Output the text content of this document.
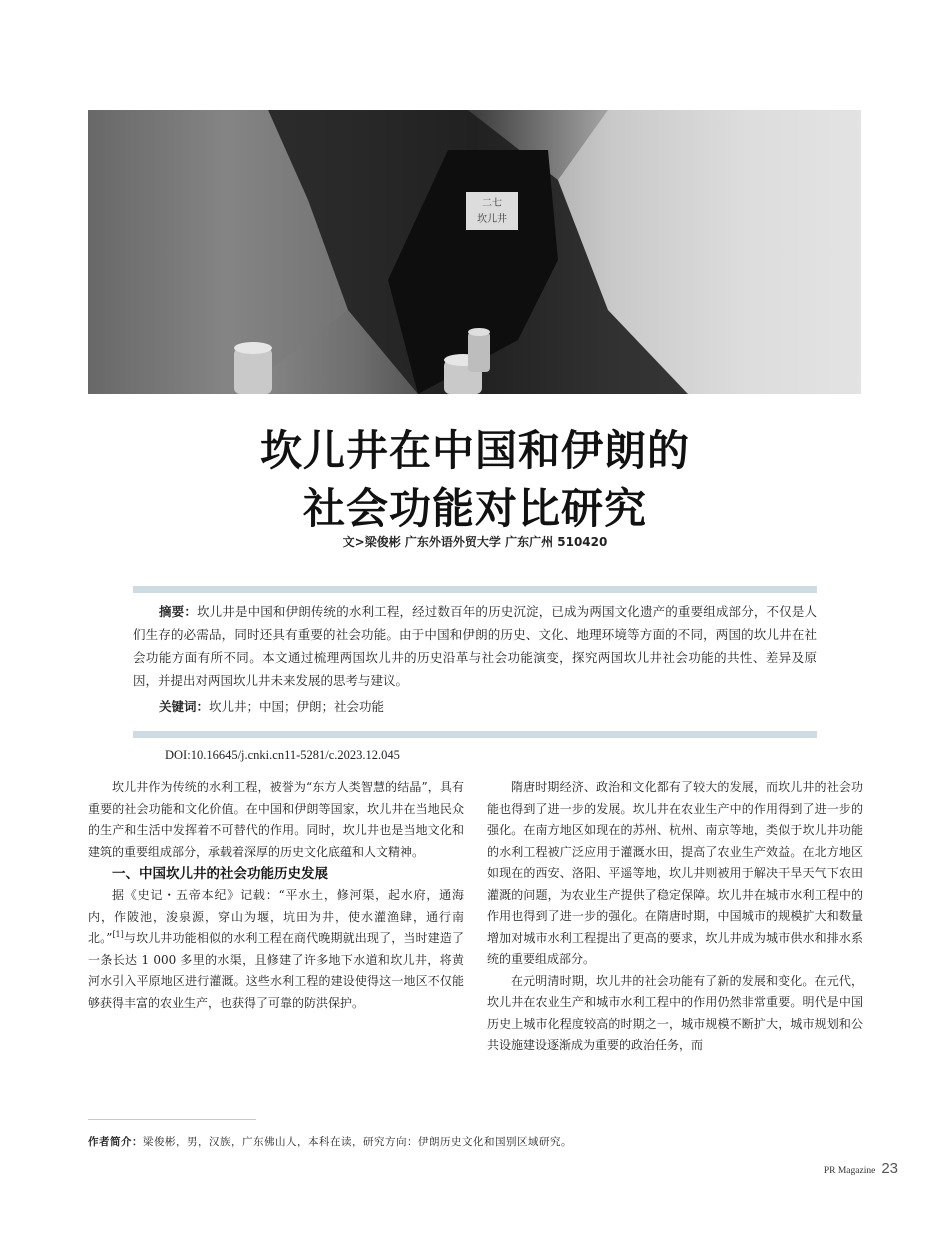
二七
坎儿井
坎儿井在中国和伊朗的
社会功能对比研究
文>梁俊彬 广东外语外贸大学 广东广州 510420

摘要：坎儿井是中国和伊朗传统的水利工程，经过数百年的历史沉淀，已成为两国文化遗产的重要组成部分，不仅是人们生存的必需品，同时还具有重要的社会功能。由于中国和伊朗的历史、文化、地理环境等方面的不同，两国的坎儿井在社会功能方面有所不同。本文通过梳理两国坎儿井的历史沿革与社会功能演变，探究两国坎儿井社会功能的共性、差异及原因，并提出对两国坎儿井未来发展的思考与建议。

关键词：坎儿井；中国；伊朗；社会功能

DOI:10.16645/j.cnki.cn11-5281/c.2023.12.045

坎儿井作为传统的水利工程，被誉为“东方人类智慧的结晶”，具有重要的社会功能和文化价值。在中国和伊朗等国家，坎儿井在当地民众的生产和生活中发挥着不可替代的作用。同时，坎儿井也是当地文化和建筑的重要组成部分，承载着深厚的历史文化底蕴和人文精神。

一、中国坎儿井的社会功能历史发展

据《史记・五帝本纪》记载：“平水土，修河渠，起水府，通海内，作陂池，浚泉源，穿山为堰，坑田为井，使水灌渔肆，通行南北。”[1]与坎儿井功能相似的水利工程在商代晚期就出现了，当时建造了一条长达 1 000 多里的水渠，且修建了许多地下水道和坎儿井，将黄河水引入平原地区进行灌溉。这些水利工程的建设使得这一地区不仅能够获得丰富的农业生产，也获得了可靠的防洪保护。

隋唐时期经济、政治和文化都有了较大的发展，而坎儿井的社会功能也得到了进一步的发展。坎儿井在农业生产中的作用得到了进一步的强化。在南方地区如现在的苏州、杭州、南京等地，类似于坎儿井功能的水利工程被广泛应用于灌溉水田，提高了农业生产效益。在北方地区如现在的西安、洛阳、平遥等地，坎儿井则被用于解决干旱天气下农田灌溉的问题，为农业生产提供了稳定保障。坎儿井在城市水利工程中的作用也得到了进一步的强化。在隋唐时期，中国城市的规模扩大和数量增加对城市水利工程提出了更高的要求，坎儿井成为城市供水和排水系统的重要组成部分。

在元明清时期，坎儿井的社会功能有了新的发展和变化。在元代，坎儿井在农业生产和城市水利工程中的作用仍然非常重要。明代是中国历史上城市化程度较高的时期之一，城市规模不断扩大，城市规划和公共设施建设逐渐成为重要的政治任务，而

作者简介：梁俊彬，男，汉族，广东佛山人，本科在读，研究方向：伊朗历史文化和国别区域研究。
PR Magazine 23
